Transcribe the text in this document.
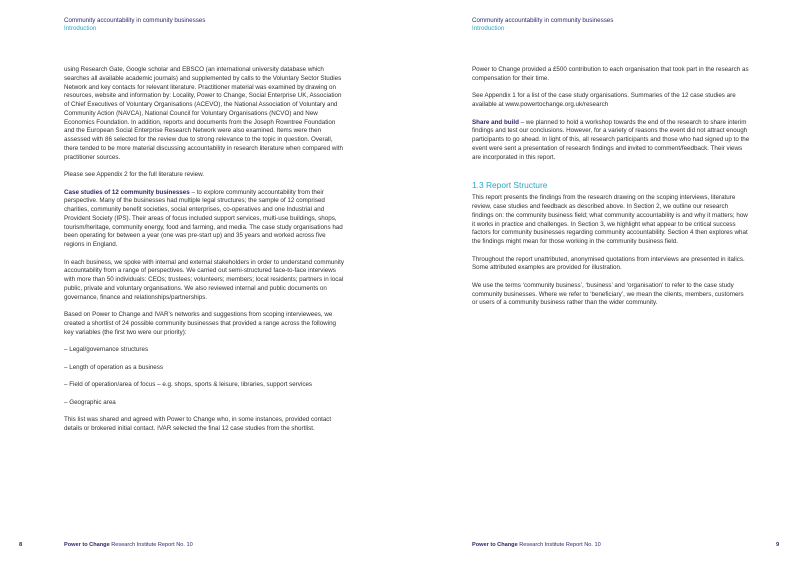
Community accountability in community businesses
Introduction

using Research Gate, Google scholar and EBSCO (an international university database which searches all available academic journals) and supplemented by calls to the Voluntary Sector Studies Network and key contacts for relevant literature. Practitioner material was examined by drawing on resources, website and information by: Locality, Power to Change, Social Enterprise UK, Association of Chief Executives of Voluntary Organisations (ACEVO), the National Association of Voluntary and Community Action (NAVCA), National Council for Voluntary Organisations (NCVO) and New Economics Foundation. In addition, reports and documents from the Joseph Rowntree Foundation and the European Social Enterprise Research Network were also examined. Items were then assessed with 86 selected for the review due to strong relevance to the topic in question. Overall, there tended to be more material discussing accountability in research literature when compared with practitioner sources.

Please see Appendix 2 for the full literature review.

Case studies of 12 community businesses – to explore community accountability from their perspective. Many of the businesses had multiple legal structures; the sample of 12 comprised charities, community benefit societies, social enterprises, co-operatives and one Industrial and Provident Society (IPS). Their areas of focus included support services, multi-use buildings, shops, tourism/heritage, community energy, food and farming, and media. The case study organisations had been operating for between a year (one was pre-start up) and 35 years and worked across five regions in England.

In each business, we spoke with internal and external stakeholders in order to understand community accountability from a range of perspectives. We carried out semi-structured face-to-face interviews with more than 50 individuals: CEOs; trustees; volunteers; members; local residents; partners in local public, private and voluntary organisations. We also reviewed internal and public documents on governance, finance and relationships/partnerships.

Based on Power to Change and IVAR’s networks and suggestions from scoping interviewees, we created a shortlist of 24 possible community businesses that provided a range across the following key variables (the first two were our priority):

– Legal/governance structures
– Length of operation as a business
– Field of operation/area of focus – e.g. shops, sports & leisure, libraries, support services
– Geographic area

This list was shared and agreed with Power to Change who, in some instances, provided contact details or brokered initial contact. IVAR selected the final 12 case studies from the shortlist.

8	Power to Change Research Institute Report No. 10
Community accountability in community businesses
Introduction

Power to Change provided a £500 contribution to each organisation that took part in the research as compensation for their time.

See Appendix 1 for a list of the case study organisations. Summaries of the 12 case studies are available at www.powertochange.org.uk/research

Share and build – we planned to hold a workshop towards the end of the research to share interim findings and test our conclusions. However, for a variety of reasons the event did not attract enough participants to go ahead. In light of this, all research participants and those who had signed up to the event were sent a presentation of research findings and invited to comment/feedback. Their views are incorporated in this report.

1.3 Report Structure

This report presents the findings from the research drawing on the scoping interviews, literature review, case studies and feedback as described above. In Section 2, we outline our research findings on: the community business field; what community accountability is and why it matters; how it works in practice and challenges. In Section 3, we highlight what appear to be critical success factors for community businesses regarding community accountability. Section 4 then explores what the findings might mean for those working in the community business field.

Throughout the report unattributed, anonymised quotations from interviews are presented in italics. Some attributed examples are provided for illustration.

We use the terms ‘community business’, ‘business’ and ‘organisation’ to refer to the case study community businesses. Where we refer to ‘beneficiary’, we mean the clients, members, customers or users of a community business rather than the wider community.

Power to Change Research Institute Report No. 10	9
